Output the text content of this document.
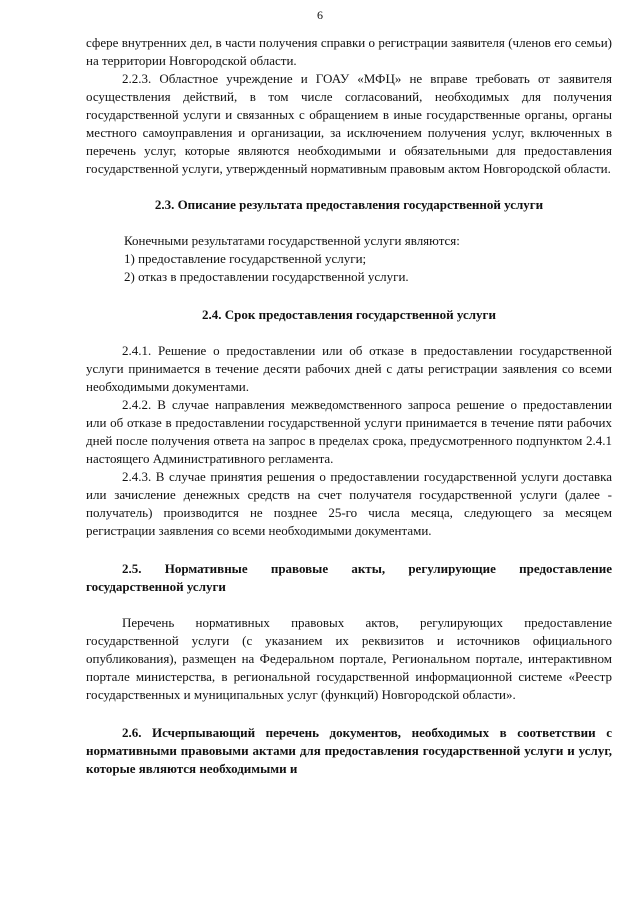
6

сфере внутренних дел, в части получения справки о регистрации заявителя (членов его семьи) на территории Новгородской области.

2.2.3. Областное учреждение и ГОАУ «МФЦ» не вправе требовать от заявителя осуществления действий, в том числе согласований, необходимых для получения государственной услуги и связанных с обращением в иные государственные органы, органы местного самоуправления и организации, за исключением получения услуг, включенных в перечень услуг, которые являются необходимыми и обязательными для предоставления государственной услуги, утвержденный нормативным правовым актом Новгородской области.

2.3. Описание результата предоставления государственной услуги

Конечными результатами государственной услуги являются:

1) предоставление государственной услуги;

2) отказ в предоставлении государственной услуги.

2.4. Срок предоставления государственной услуги

2.4.1. Решение о предоставлении или об отказе в предоставлении государственной услуги принимается в течение десяти рабочих дней с даты регистрации заявления со всеми необходимыми документами.

2.4.2. В случае направления межведомственного запроса решение о предоставлении или об отказе в предоставлении государственной услуги принимается в течение пяти рабочих дней после получения ответа на запрос в пределах срока, предусмотренного подпунктом 2.4.1 настоящего Административного регламента.

2.4.3. В случае принятия решения о предоставлении государственной услуги доставка или зачисление денежных средств на счет получателя государственной услуги (далее - получатель) производится не позднее 25-го числа месяца, следующего за месяцем регистрации заявления со всеми необходимыми документами.

2.5. Нормативные правовые акты, регулирующие предоставление государственной услуги

Перечень нормативных правовых актов, регулирующих предоставление государственной услуги (с указанием их реквизитов и источников официального опубликования), размещен на Федеральном портале, Региональном портале, интерактивном портале министерства, в региональной государственной информационной системе «Реестр государственных и муниципальных услуг (функций) Новгородской области».

2.6. Исчерпывающий перечень документов, необходимых в соответствии с нормативными правовыми актами для предоставления государственной услуги и услуг, которые являются необходимыми и
